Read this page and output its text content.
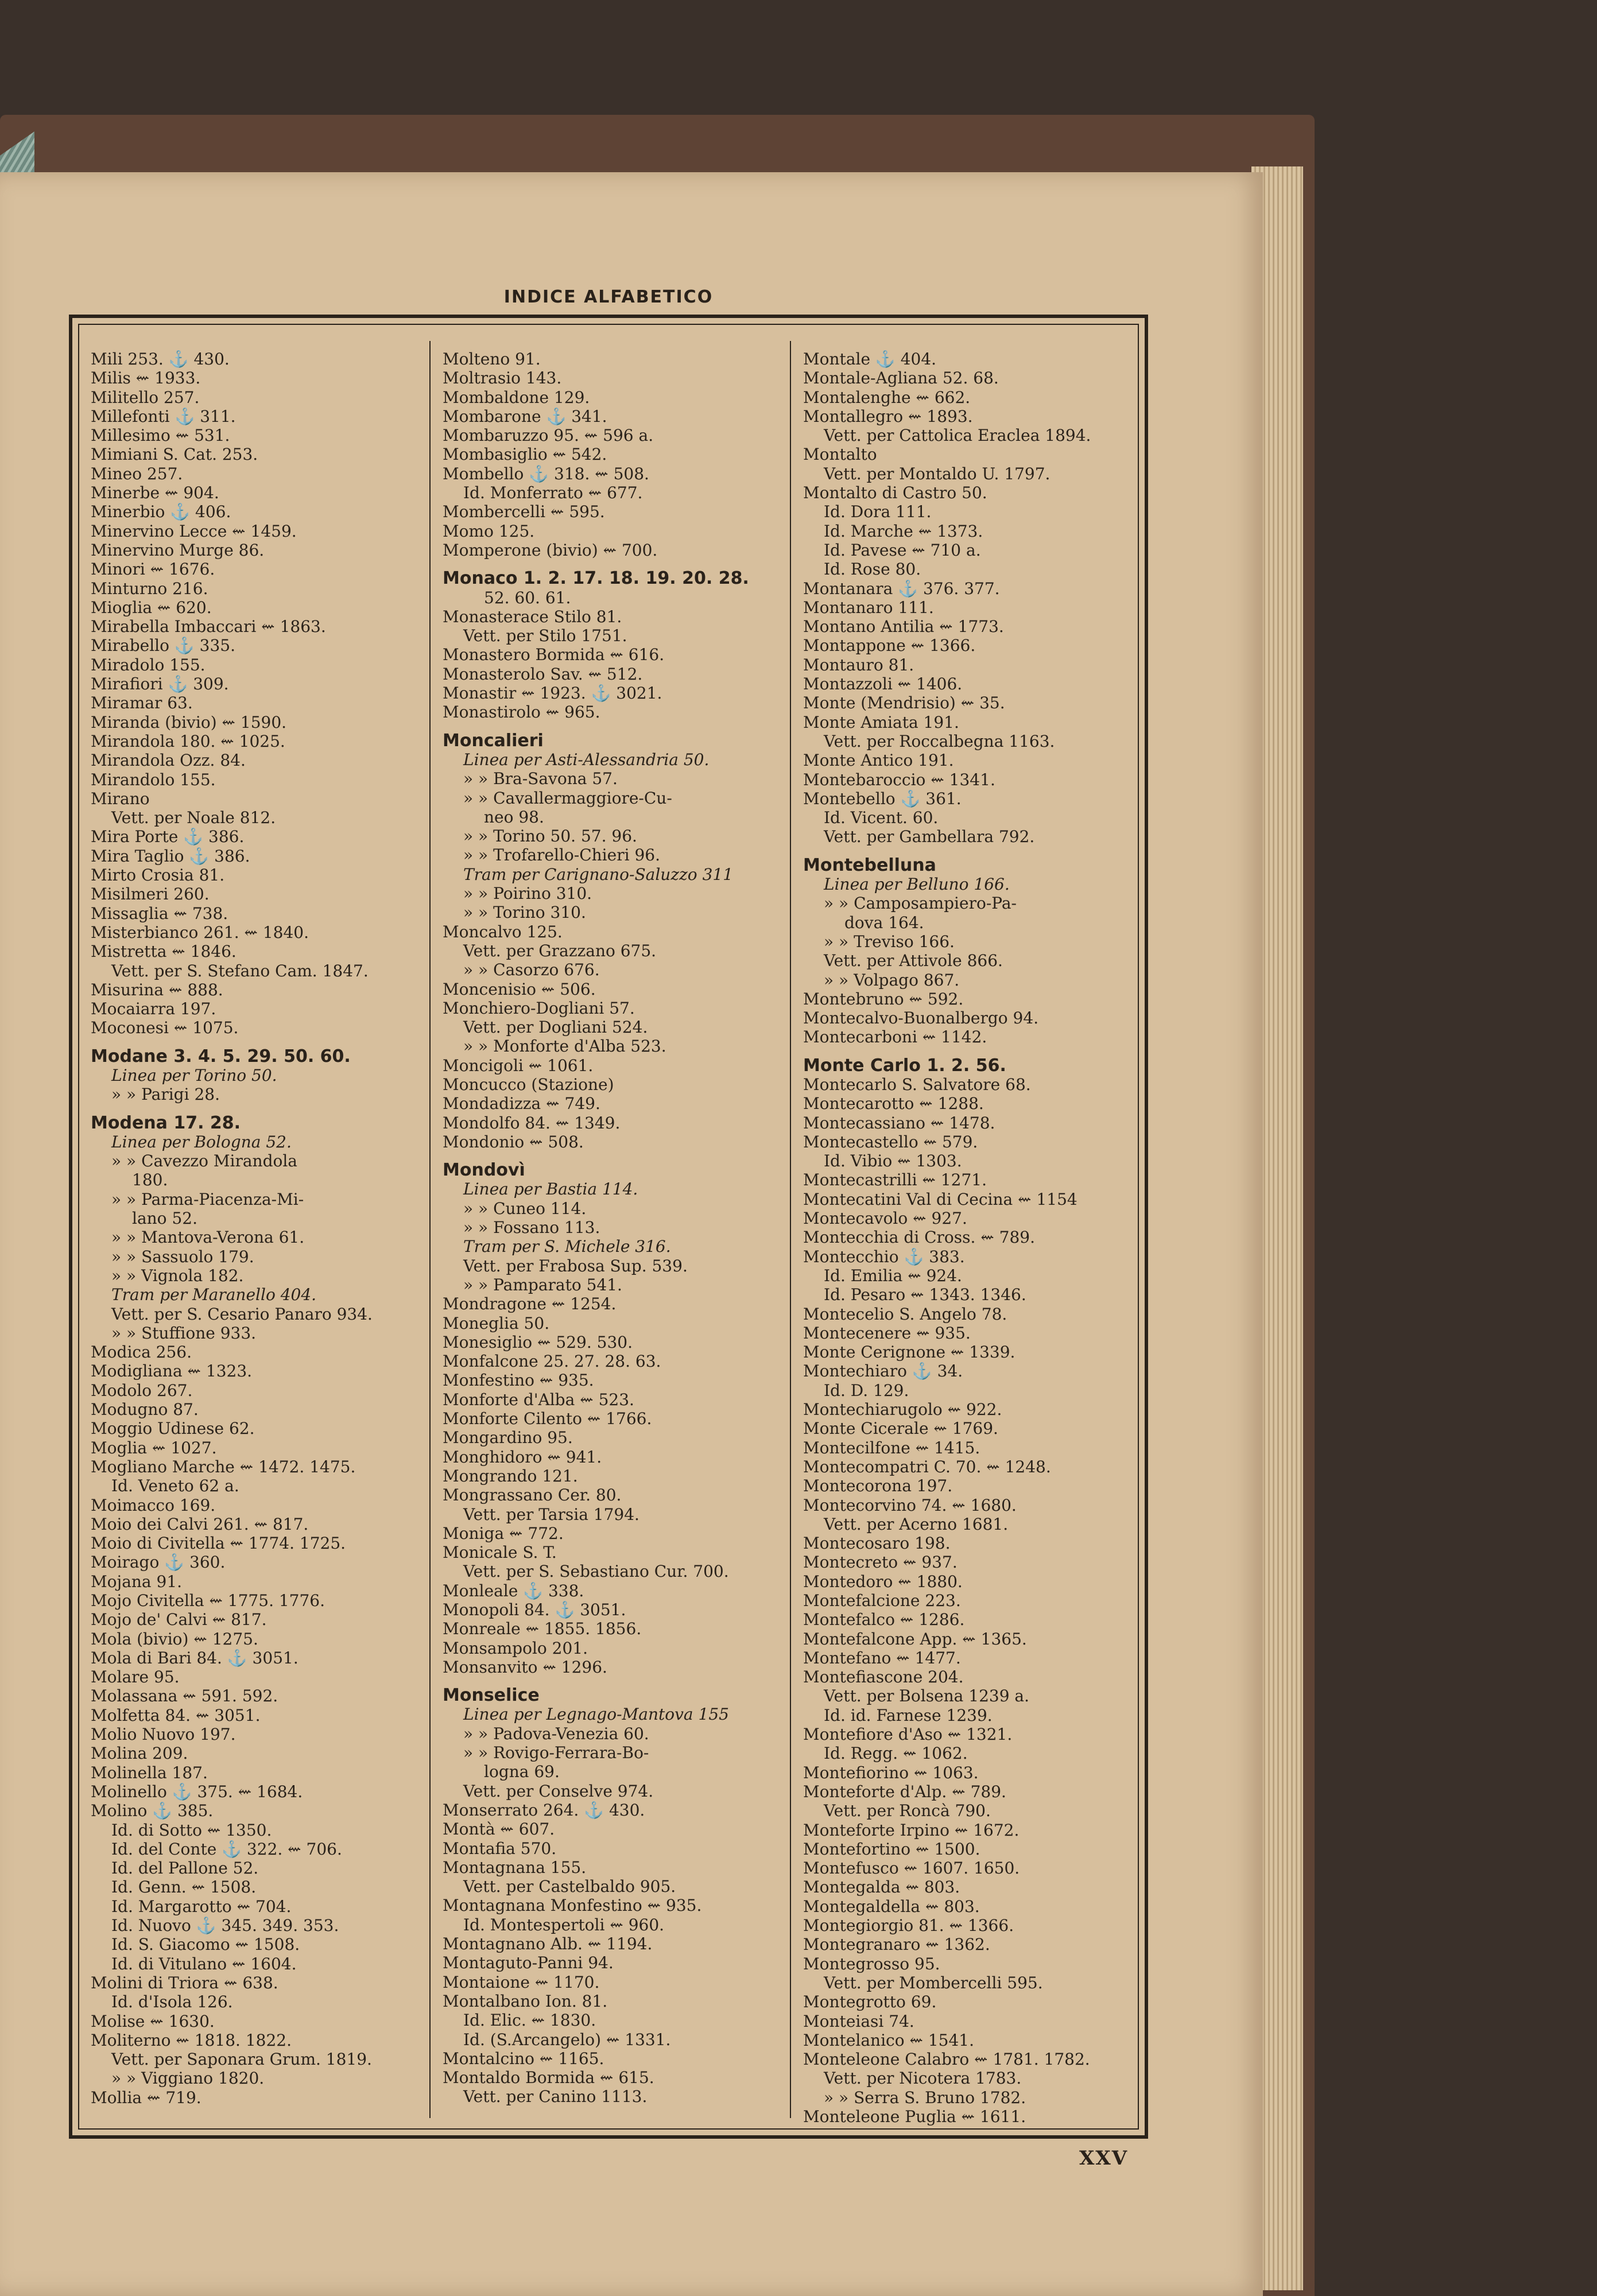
INDICE ALFABETICO
Mili 253. ⚓ 430.
Milis ⇜ 1933.
Militello 257.
Millefonti ⚓ 311.
Millesimo ⇜ 531.
Mimiani S. Cat. 253.
Mineo 257.
Minerbe ⇜ 904.
Minerbio ⚓ 406.
Minervino Lecce ⇜ 1459.
Minervino Murge 86.
Minori ⇜ 1676.
Minturno 216.
Mioglia ⇜ 620.
Mirabella Imbaccari ⇜ 1863.
Mirabello ⚓ 335.
Miradolo 155.
Mirafiori ⚓ 309.
Miramar 63.
Miranda (bivio) ⇜ 1590.
Mirandola 180. ⇜ 1025.
Mirandola Ozz. 84.
Mirandolo 155.
Mirano
Vett. per Noale 812.
Mira Porte ⚓ 386.
Mira Taglio ⚓ 386.
Mirto Crosia 81.
Misilmeri 260.
Missaglia ⇜ 738.
Misterbianco 261. ⇜ 1840.
Mistretta ⇜ 1846.
Vett. per S. Stefano Cam. 1847.
Misurina ⇜ 888.
Mocaiarra 197.
Moconesi ⇜ 1075.
Modane 3. 4. 5. 29. 50. 60.
Linea per Torino 50.
» » Parigi 28.
Modena 17. 28.
Linea per Bologna 52.
» » Cavezzo Mirandola
180.
» » Parma-Piacenza-Mi-
lano 52.
» » Mantova-Verona 61.
» » Sassuolo 179.
» » Vignola 182.
Tram per Maranello 404.
Vett. per S. Cesario Panaro 934.
» » Stuffione 933.
Modica 256.
Modigliana ⇜ 1323.
Modolo 267.
Modugno 87.
Moggio Udinese 62.
Moglia ⇜ 1027.
Mogliano Marche ⇜ 1472. 1475.
Id. Veneto 62 a.
Moimacco 169.
Moio dei Calvi 261. ⇜ 817.
Moio di Civitella ⇜ 1774. 1725.
Moirago ⚓ 360.
Mojana 91.
Mojo Civitella ⇜ 1775. 1776.
Mojo de' Calvi ⇜ 817.
Mola (bivio) ⇜ 1275.
Mola di Bari 84. ⚓ 3051.
Molare 95.
Molassana ⇜ 591. 592.
Molfetta 84. ⇜ 3051.
Molio Nuovo 197.
Molina 209.
Molinella 187.
Molinello ⚓ 375. ⇜ 1684.
Molino ⚓ 385.
Id. di Sotto ⇜ 1350.
Id. del Conte ⚓ 322. ⇜ 706.
Id. del Pallone 52.
Id. Genn. ⇜ 1508.
Id. Margarotto ⇜ 704.
Id. Nuovo ⚓ 345. 349. 353.
Id. S. Giacomo ⇜ 1508.
Id. di Vitulano ⇜ 1604.
Molini di Triora ⇜ 638.
Id. d'Isola 126.
Molise ⇜ 1630.
Moliterno ⇜ 1818. 1822.
Vett. per Saponara Grum. 1819.
» » Viggiano 1820.
Mollia ⇜ 719.
Molteno 91.
Moltrasio 143.
Mombaldone 129.
Mombarone ⚓ 341.
Mombaruzzo 95. ⇜ 596 a.
Mombasiglio ⇜ 542.
Mombello ⚓ 318. ⇜ 508.
Id. Monferrato ⇜ 677.
Mombercelli ⇜ 595.
Momo 125.
Momperone (bivio) ⇜ 700.
Monaco 1. 2. 17. 18. 19. 20. 28.
52. 60. 61.
Monasterace Stilo 81.
Vett. per Stilo 1751.
Monastero Bormida ⇜ 616.
Monasterolo Sav. ⇜ 512.
Monastir ⇜ 1923. ⚓ 3021.
Monastirolo ⇜ 965.
Moncalieri
Linea per Asti-Alessandria 50.
» » Bra-Savona 57.
» » Cavallermaggiore-Cu-
neo 98.
» » Torino 50. 57. 96.
» » Trofarello-Chieri 96.
Tram per Carignano-Saluzzo 311
» » Poirino 310.
» » Torino 310.
Moncalvo 125.
Vett. per Grazzano 675.
» » Casorzo 676.
Moncenisio ⇜ 506.
Monchiero-Dogliani 57.
Vett. per Dogliani 524.
» » Monforte d'Alba 523.
Moncigoli ⇜ 1061.
Moncucco (Stazione)
Mondadizza ⇜ 749.
Mondolfo 84. ⇜ 1349.
Mondonio ⇜ 508.
Mondovì
Linea per Bastia 114.
» » Cuneo 114.
» » Fossano 113.
Tram per S. Michele 316.
Vett. per Frabosa Sup. 539.
» » Pamparato 541.
Mondragone ⇜ 1254.
Moneglia 50.
Monesiglio ⇜ 529. 530.
Monfalcone 25. 27. 28. 63.
Monfestino ⇜ 935.
Monforte d'Alba ⇜ 523.
Monforte Cilento ⇜ 1766.
Mongardino 95.
Monghidoro ⇜ 941.
Mongrando 121.
Mongrassano Cer. 80.
Vett. per Tarsia 1794.
Moniga ⇜ 772.
Monicale S. T.
Vett. per S. Sebastiano Cur. 700.
Monleale ⚓ 338.
Monopoli 84. ⚓ 3051.
Monreale ⇜ 1855. 1856.
Monsampolo 201.
Monsanvito ⇜ 1296.
Monselice
Linea per Legnago-Mantova 155
» » Padova-Venezia 60.
» » Rovigo-Ferrara-Bo-
logna 69.
Vett. per Conselve 974.
Monserrato 264. ⚓ 430.
Montà ⇜ 607.
Montafia 570.
Montagnana 155.
Vett. per Castelbaldo 905.
Montagnana Monfestino ⇜ 935.
Id. Montespertoli ⇜ 960.
Montagnano Alb. ⇜ 1194.
Montaguto-Panni 94.
Montaione ⇜ 1170.
Montalbano Ion. 81.
Id. Elic. ⇜ 1830.
Id. (S.Arcangelo) ⇜ 1331.
Montalcino ⇜ 1165.
Montaldo Bormida ⇜ 615.
Vett. per Canino 1113.
Montale ⚓ 404.
Montale-Agliana 52. 68.
Montalenghe ⇜ 662.
Montallegro ⇜ 1893.
Vett. per Cattolica Eraclea 1894.
Montalto
Vett. per Montaldo U. 1797.
Montalto di Castro 50.
Id. Dora 111.
Id. Marche ⇜ 1373.
Id. Pavese ⇜ 710 a.
Id. Rose 80.
Montanara ⚓ 376. 377.
Montanaro 111.
Montano Antilia ⇜ 1773.
Montappone ⇜ 1366.
Montauro 81.
Montazzoli ⇜ 1406.
Monte (Mendrisio) ⇜ 35.
Monte Amiata 191.
Vett. per Roccalbegna 1163.
Monte Antico 191.
Montebaroccio ⇜ 1341.
Montebello ⚓ 361.
Id. Vicent. 60.
Vett. per Gambellara 792.
Montebelluna
Linea per Belluno 166.
» » Camposampiero-Pa-
dova 164.
» » Treviso 166.
Vett. per Attivole 866.
» » Volpago 867.
Montebruno ⇜ 592.
Montecalvo-Buonalbergo 94.
Montecarboni ⇜ 1142.
Monte Carlo 1. 2. 56.
Montecarlo S. Salvatore 68.
Montecarotto ⇜ 1288.
Montecassiano ⇜ 1478.
Montecastello ⇜ 579.
Id. Vibio ⇜ 1303.
Montecastrilli ⇜ 1271.
Montecatini Val di Cecina ⇜ 1154
Montecavolo ⇜ 927.
Montecchia di Cross. ⇜ 789.
Montecchio ⚓ 383.
Id. Emilia ⇜ 924.
Id. Pesaro ⇜ 1343. 1346.
Montecelio S. Angelo 78.
Montecenere ⇜ 935.
Monte Cerignone ⇜ 1339.
Montechiaro ⚓ 34.
Id. D. 129.
Montechiarugolo ⇜ 922.
Monte Cicerale ⇜ 1769.
Montecilfone ⇜ 1415.
Montecompatri C. 70. ⇜ 1248.
Montecorona 197.
Montecorvino 74. ⇜ 1680.
Vett. per Acerno 1681.
Montecosaro 198.
Montecreto ⇜ 937.
Montedoro ⇜ 1880.
Montefalcione 223.
Montefalco ⇜ 1286.
Montefalcone App. ⇜ 1365.
Montefano ⇜ 1477.
Montefiascone 204.
Vett. per Bolsena 1239 a.
Id. id. Farnese 1239.
Montefiore d'Aso ⇜ 1321.
Id. Regg. ⇜ 1062.
Montefiorino ⇜ 1063.
Monteforte d'Alp. ⇜ 789.
Vett. per Roncà 790.
Monteforte Irpino ⇜ 1672.
Montefortino ⇜ 1500.
Montefusco ⇜ 1607. 1650.
Montegalda ⇜ 803.
Montegaldella ⇜ 803.
Montegiorgio 81. ⇜ 1366.
Montegranaro ⇜ 1362.
Montegrosso 95.
Vett. per Mombercelli 595.
Montegrotto 69.
Monteiasi 74.
Montelanico ⇜ 1541.
Monteleone Calabro ⇜ 1781. 1782.
Vett. per Nicotera 1783.
» » Serra S. Bruno 1782.
Monteleone Puglia ⇜ 1611.
XXV
